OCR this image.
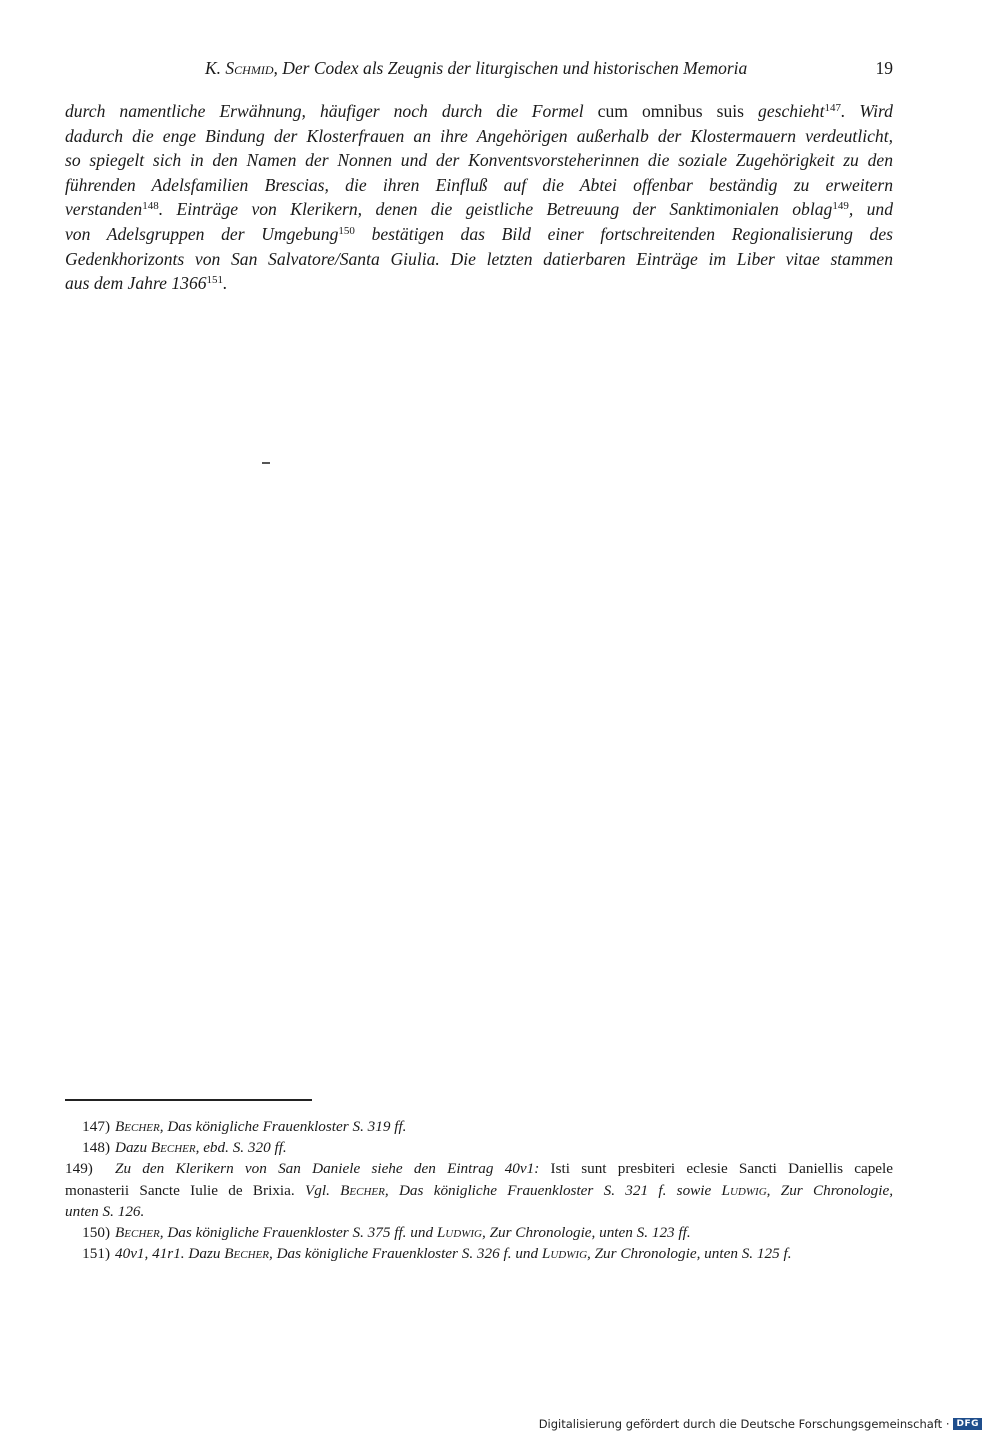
K. Schmid, Der Codex als Zeugnis der liturgischen und historischen Memoria	19
durch namentliche Erwähnung, häufiger noch durch die Formel cum omnibus suis geschieht$^{147}$. Wird
dadurch die enge Bindung der Klosterfrauen an ihre Angehörigen außerhalb der Klostermauern verdeutlicht,
so spiegelt sich in den Namen der Nonnen und der Konventsvorsteherinnen die soziale Zugehörigkeit zu den
führenden Adelsfamilien Brescias, die ihren Einfluß auf die Abtei offenbar beständig zu erweitern
verstanden$^{148}$. Einträge von Klerikern, denen die geistliche Betreuung der Sanktimonialen oblag$^{149}$, und
von Adelsgruppen der Umgebung$^{150}$ bestätigen das Bild einer fortschreitenden Regionalisierung des
Gedenkhorizonts von San Salvatore/Santa Giulia. Die letzten datierbaren Einträge im Liber vitae stammen
aus dem Jahre 1366$^{151}$.
147) Becher, Das königliche Frauenkloster S. 319 ff.
148) Dazu Becher, ebd. S. 320 ff.
149) Zu den Klerikern von San Daniele siehe den Eintrag 40v1: Isti sunt presbiteri eclesie Sancti Daniellis capele
monasterii Sancte Iulie de Brixia. Vgl. Becher, Das königliche Frauenkloster S. 321 f. sowie Ludwig, Zur Chronologie,
unten S. 126.
150) Becher, Das königliche Frauenkloster S. 375 ff. und Ludwig, Zur Chronologie, unten S. 123 ff.
151) 40v1, 41r1. Dazu Becher, Das königliche Frauenkloster S. 326 f. und Ludwig, Zur Chronologie, unten S. 125 f.
Digitalisierung gefördert durch die Deutsche Forschungsgemeinschaft · DFG
